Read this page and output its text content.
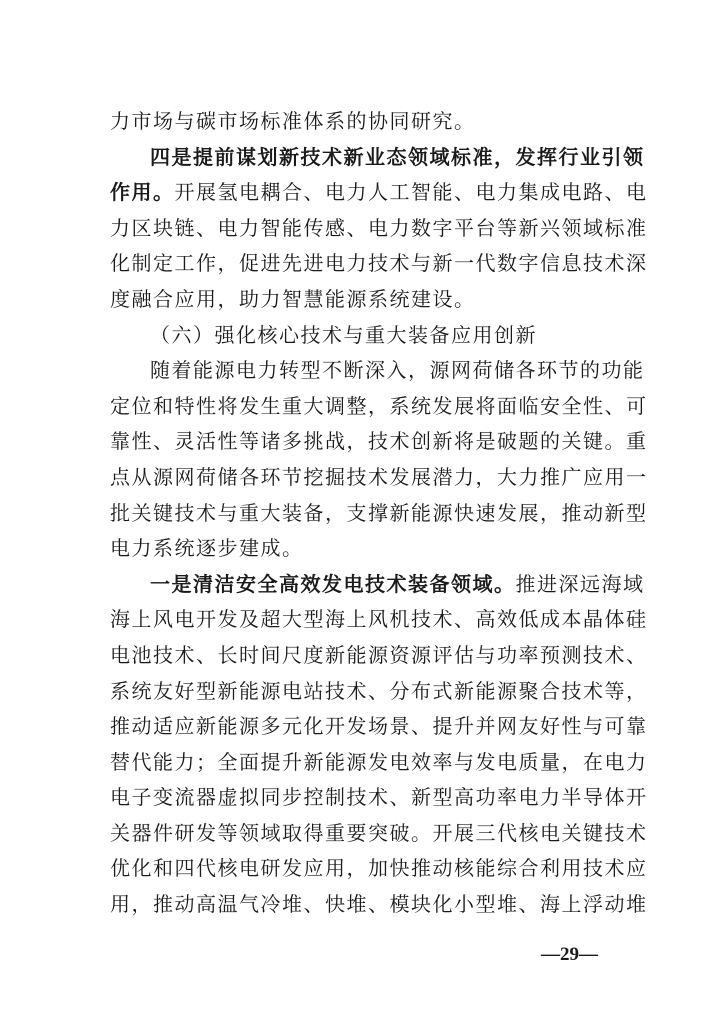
力市场与碳市场标准体系的协同研究。
四是提前谋划新技术新业态领域标准，发挥行业引领
作用。开展氢电耦合、电力人工智能、电力集成电路、电
力区块链、电力智能传感、电力数字平台等新兴领域标准
化制定工作，促进先进电力技术与新一代数字信息技术深
度融合应用，助力智慧能源系统建设。
（六）强化核心技术与重大装备应用创新
随着能源电力转型不断深入，源网荷储各环节的功能
定位和特性将发生重大调整，系统发展将面临安全性、可
靠性、灵活性等诸多挑战，技术创新将是破题的关键。重
点从源网荷储各环节挖掘技术发展潜力，大力推广应用一
批关键技术与重大装备，支撑新能源快速发展，推动新型
电力系统逐步建成。
一是清洁安全高效发电技术装备领域。推进深远海域
海上风电开发及超大型海上风机技术、高效低成本晶体硅
电池技术、长时间尺度新能源资源评估与功率预测技术、
系统友好型新能源电站技术、分布式新能源聚合技术等，
推动适应新能源多元化开发场景、提升并网友好性与可靠
替代能力；全面提升新能源发电效率与发电质量，在电力
电子变流器虚拟同步控制技术、新型高功率电力半导体开
关器件研发等领域取得重要突破。开展三代核电关键技术
优化和四代核电研发应用，加快推动核能综合利用技术应
用，推动高温气冷堆、快堆、模块化小型堆、海上浮动堆
—29—
